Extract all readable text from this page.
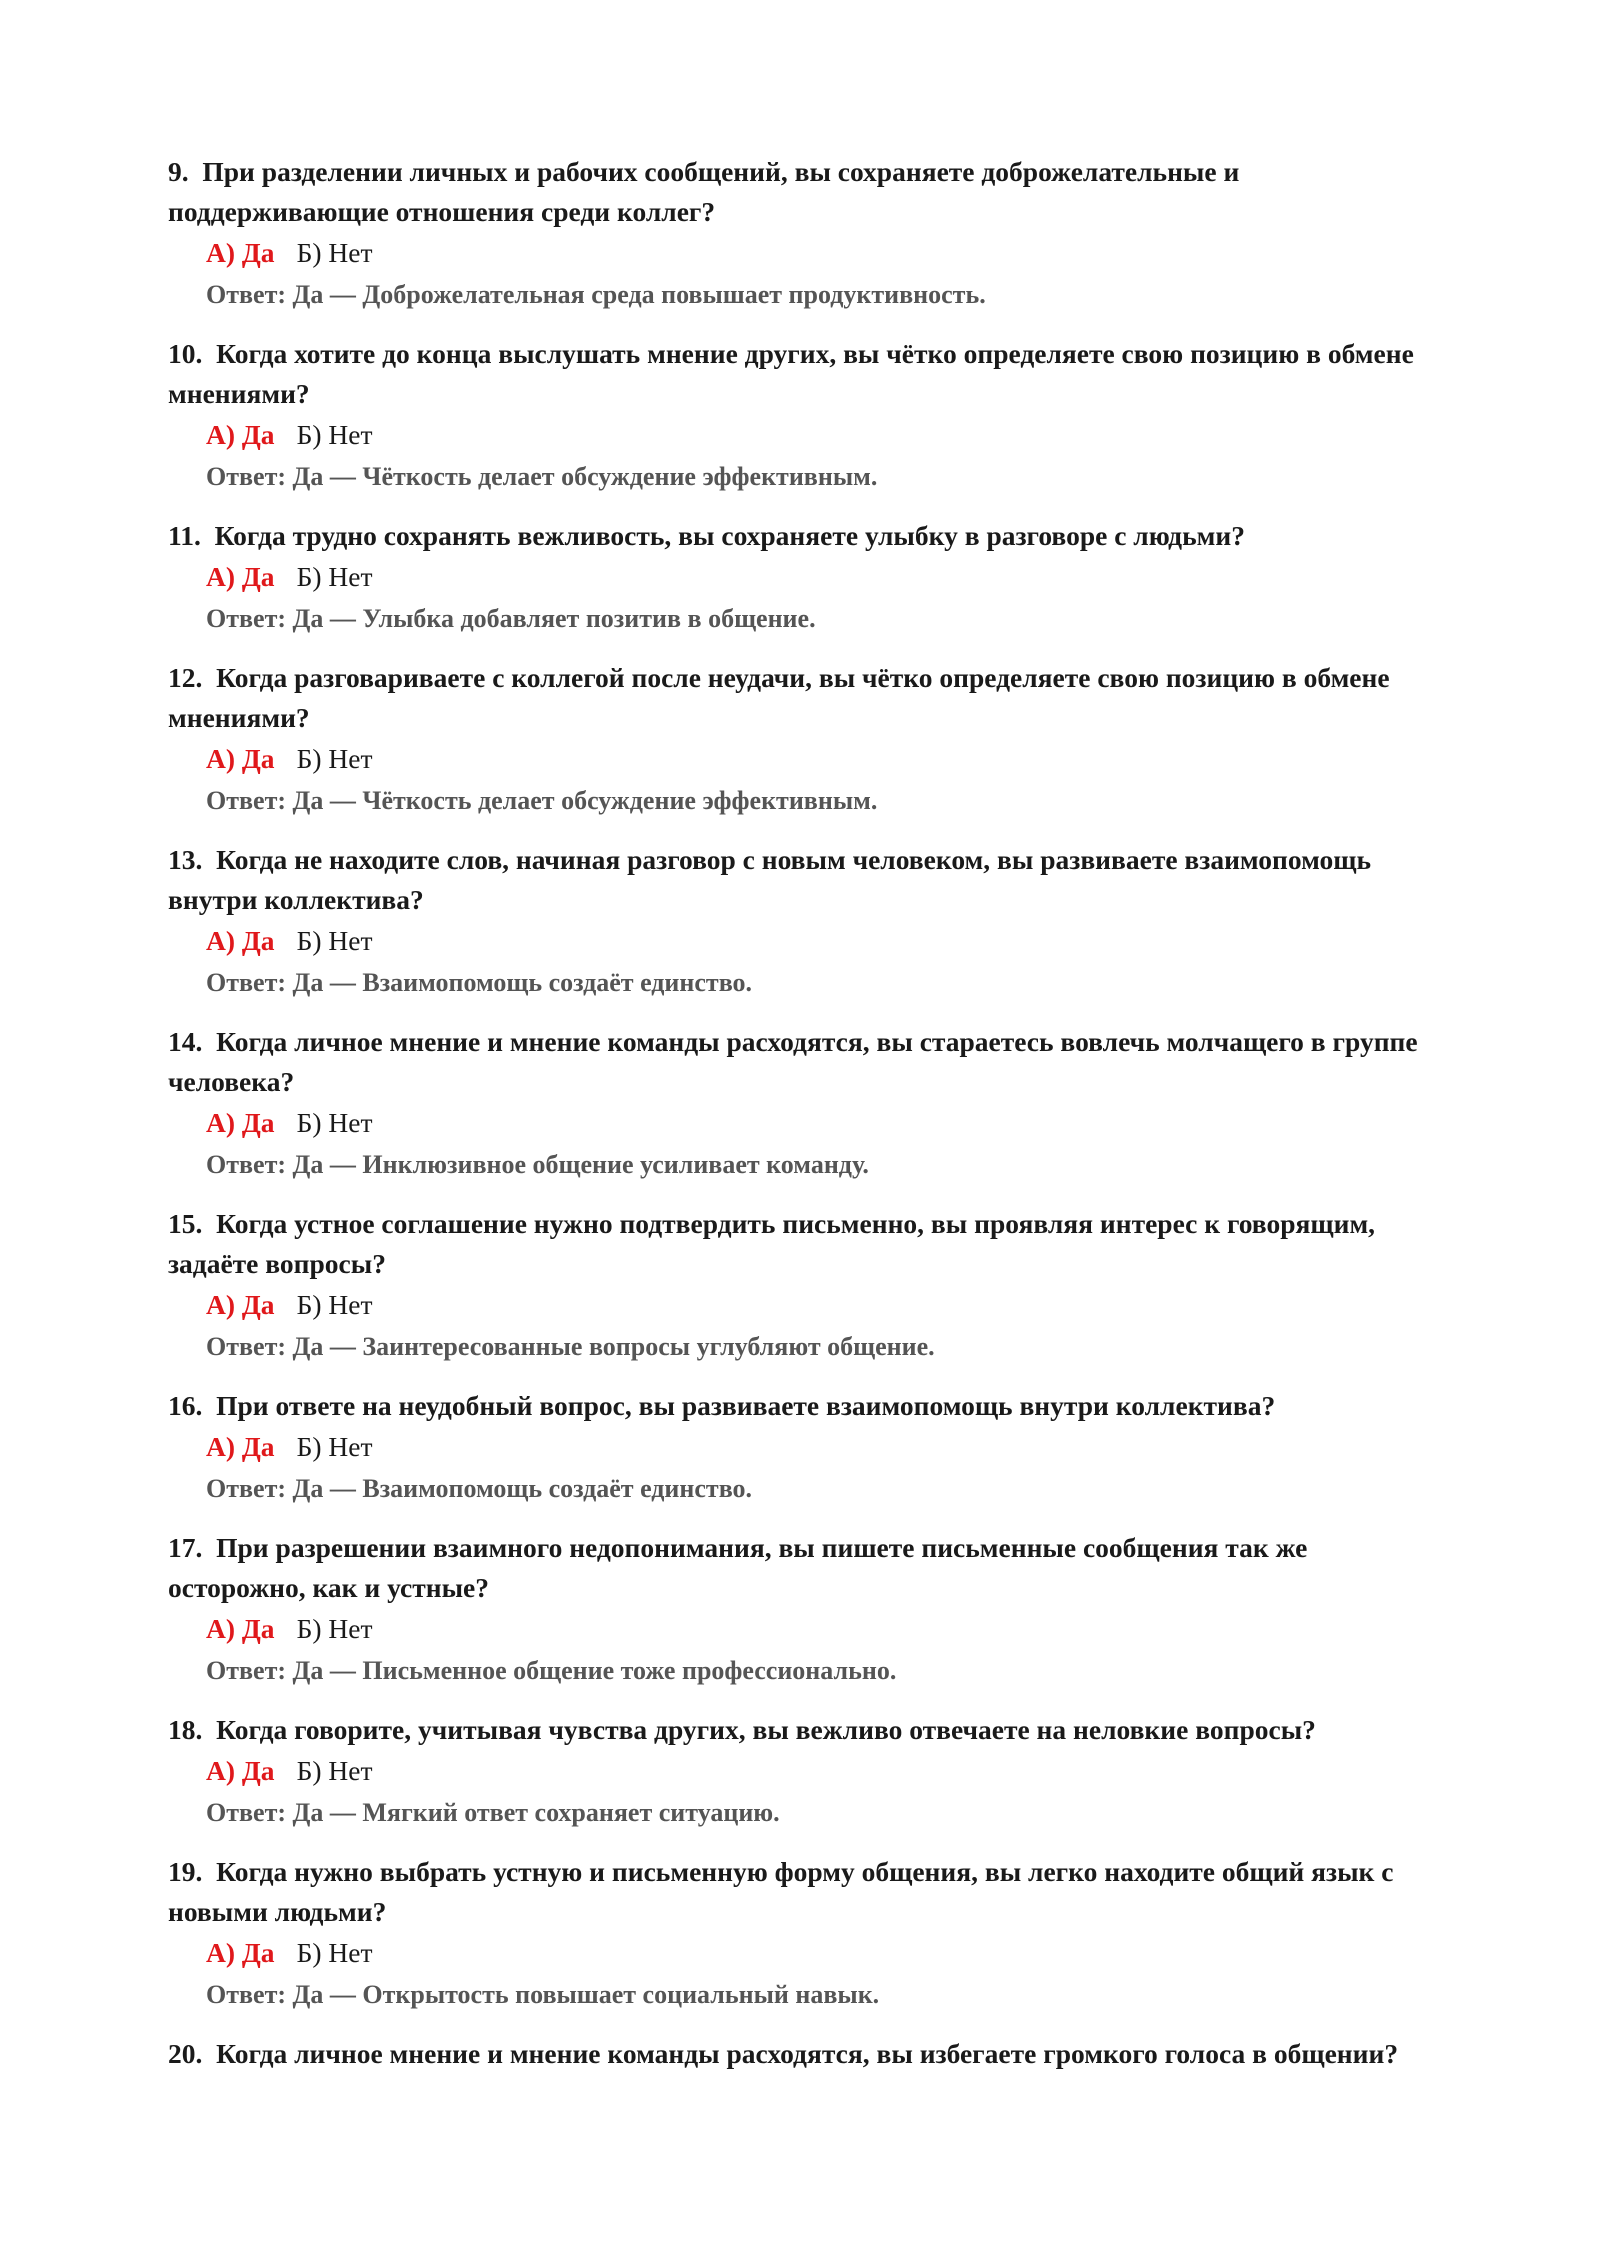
9. При разделении личных и рабочих сообщений, вы сохраняете доброжелательные и поддерживающие отношения среди коллег?
А) Да Б) Нет
Ответ: Да — Доброжелательная среда повышает продуктивность.
10. Когда хотите до конца выслушать мнение других, вы чётко определяете свою позицию в обмене мнениями?
А) Да Б) Нет
Ответ: Да — Чёткость делает обсуждение эффективным.
11. Когда трудно сохранять вежливость, вы сохраняете улыбку в разговоре с людьми?
А) Да Б) Нет
Ответ: Да — Улыбка добавляет позитив в общение.
12. Когда разговариваете с коллегой после неудачи, вы чётко определяете свою позицию в обмене мнениями?
А) Да Б) Нет
Ответ: Да — Чёткость делает обсуждение эффективным.
13. Когда не находите слов, начиная разговор с новым человеком, вы развиваете взаимопомощь внутри коллектива?
А) Да Б) Нет
Ответ: Да — Взаимопомощь создаёт единство.
14. Когда личное мнение и мнение команды расходятся, вы стараетесь вовлечь молчащего в группе человека?
А) Да Б) Нет
Ответ: Да — Инклюзивное общение усиливает команду.
15. Когда устное соглашение нужно подтвердить письменно, вы проявляя интерес к говорящим, задаёте вопросы?
А) Да Б) Нет
Ответ: Да — Заинтересованные вопросы углубляют общение.
16. При ответе на неудобный вопрос, вы развиваете взаимопомощь внутри коллектива?
А) Да Б) Нет
Ответ: Да — Взаимопомощь создаёт единство.
17. При разрешении взаимного недопонимания, вы пишете письменные сообщения так же осторожно, как и устные?
А) Да Б) Нет
Ответ: Да — Письменное общение тоже профессионально.
18. Когда говорите, учитывая чувства других, вы вежливо отвечаете на неловкие вопросы?
А) Да Б) Нет
Ответ: Да — Мягкий ответ сохраняет ситуацию.
19. Когда нужно выбрать устную и письменную форму общения, вы легко находите общий язык с новыми людьми?
А) Да Б) Нет
Ответ: Да — Открытость повышает социальный навык.
20. Когда личное мнение и мнение команды расходятся, вы избегаете громкого голоса в общении?
